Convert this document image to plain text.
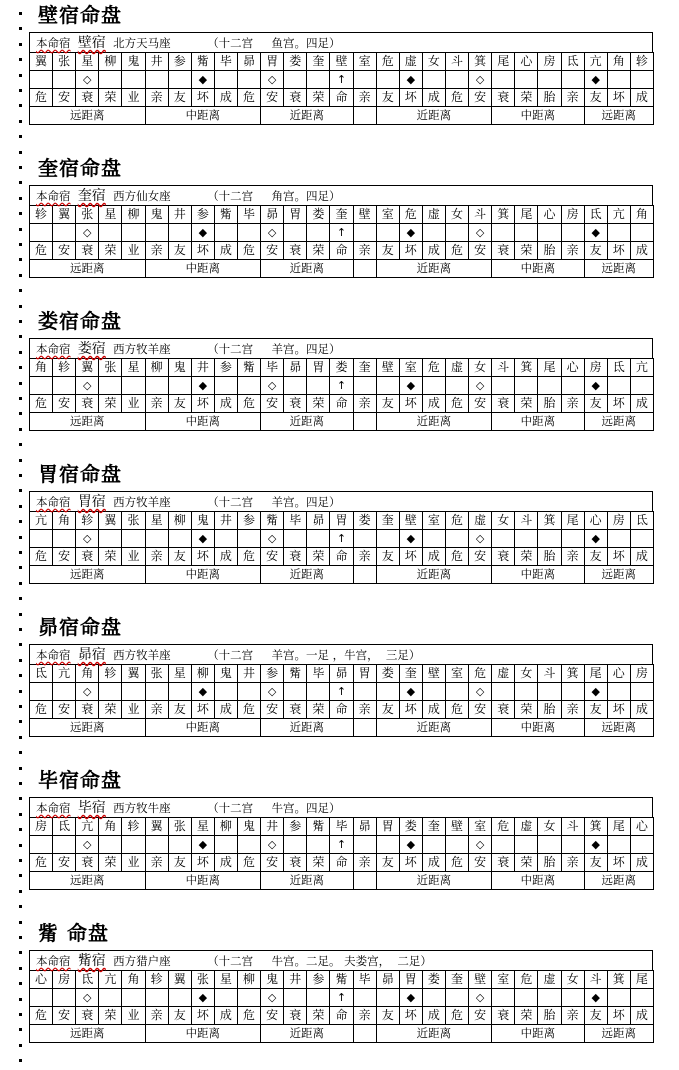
壁宿命盘
本命宿 壁宿 北方天马座	（十二宫 鱼宫。四足）
翼	张	星	柳	鬼	井	参	觜	毕	昴	胃	娄	奎	壁	室	危	虚	女	斗	箕	尾	心	房	氐	亢	角	轸
		◇					◆			◇			↑			◆			◇					◆		
危	安	衰	荣	业	亲	友	坏	成	危	安	衰	荣	命	亲	友	坏	成	危	安	衰	荣	胎	亲	友	坏	成
远距离					中距离					近距离					近距离					中距离				远距离		
奎宿命盘
本命宿 奎宿 西方仙女座	（十二宫 角宫。四足）
轸	翼	张	星	柳	鬼	井	参	觜	毕	昴	胃	娄	奎	壁	室	危	虚	女	斗	箕	尾	心	房	氐	亢	角
		◇					◆			◇			↑			◆			◇					◆		
危	安	衰	荣	业	亲	友	坏	成	危	安	衰	荣	命	亲	友	坏	成	危	安	衰	荣	胎	亲	友	坏	成
远距离					中距离					近距离					近距离					中距离				远距离		
娄宿命盘
本命宿 娄宿 西方牧羊座	（十二宫 羊宫。四足）
角	轸	翼	张	星	柳	鬼	井	参	觜	毕	昴	胃	娄	奎	壁	室	危	虚	女	斗	箕	尾	心	房	氐	亢
		◇					◆			◇			↑			◆			◇					◆		
危	安	衰	荣	业	亲	友	坏	成	危	安	衰	荣	命	亲	友	坏	成	危	安	衰	荣	胎	亲	友	坏	成
远距离					中距离					近距离					近距离					中距离				远距离		
胃宿命盘
本命宿 胃宿 西方牧羊座	（十二宫 羊宫。四足）
亢	角	轸	翼	张	星	柳	鬼	井	参	觜	毕	昴	胃	娄	奎	壁	室	危	虚	女	斗	箕	尾	心	房	氐
		◇					◆			◇			↑			◆			◇					◆		
危	安	衰	荣	业	亲	友	坏	成	危	安	衰	荣	命	亲	友	坏	成	危	安	衰	荣	胎	亲	友	坏	成
远距离					中距离					近距离					近距离					中距离				远距离		
昴宿命盘
本命宿 昴宿 西方牧羊座	（十二宫 羊宫。一足 ，牛宫，  三足）
氐	亢	角	轸	翼	张	星	柳	鬼	井	参	觜	毕	昴	胃	娄	奎	壁	室	危	虚	女	斗	箕	尾	心	房
		◇					◆			◇			↑			◆			◇					◆		
危	安	衰	荣	业	亲	友	坏	成	危	安	衰	荣	命	亲	友	坏	成	危	安	衰	荣	胎	亲	友	坏	成
远距离					中距离					近距离					近距离					中距离				远距离		
毕宿命盘
本命宿 毕宿 西方牧牛座	（十二宫 牛宫。四足）
房	氐	亢	角	轸	翼	张	星	柳	鬼	井	参	觜	毕	昴	胃	娄	奎	壁	室	危	虚	女	斗	箕	尾	心
		◇					◆			◇			↑			◆			◇					◆		
危	安	衰	荣	业	亲	友	坏	成	危	安	衰	荣	命	亲	友	坏	成	危	安	衰	荣	胎	亲	友	坏	成
远距离					中距离					近距离					近距离					中距离				远距离		
觜 命盘
本命宿 觜宿 西方猎户座	（十二宫 牛宫。二足。 夫娄宫，  二足）
心	房	氐	亢	角	轸	翼	张	星	柳	鬼	井	参	觜	毕	昴	胃	娄	奎	壁	室	危	虚	女	斗	箕	尾
		◇					◆			◇			↑			◆			◇					◆		
危	安	衰	荣	业	亲	友	坏	成	危	安	衰	荣	命	亲	友	坏	成	危	安	衰	荣	胎	亲	友	坏	成
远距离					中距离					近距离					近距离					中距离				远距离		
